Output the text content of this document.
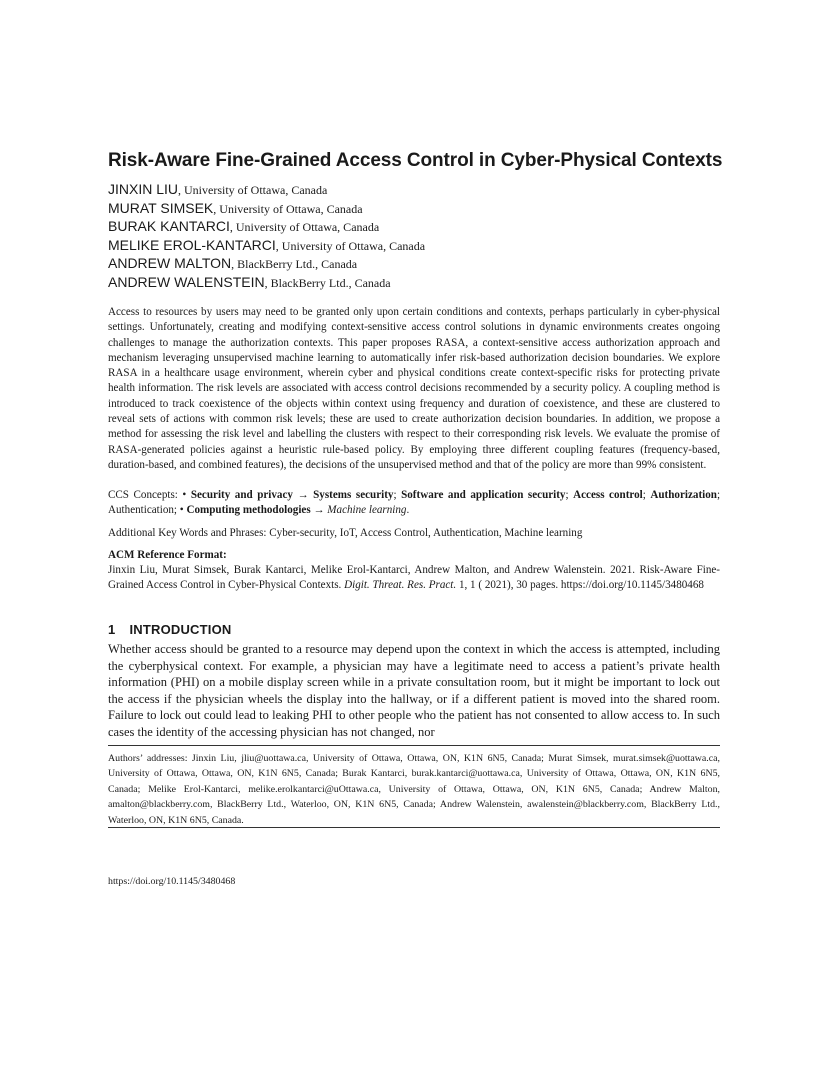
Risk-Aware Fine-Grained Access Control in Cyber-Physical Contexts
JINXIN LIU, University of Ottawa, Canada
MURAT SIMSEK, University of Ottawa, Canada
BURAK KANTARCI, University of Ottawa, Canada
MELIKE EROL-KANTARCI, University of Ottawa, Canada
ANDREW MALTON, BlackBerry Ltd., Canada
ANDREW WALENSTEIN, BlackBerry Ltd., Canada

Access to resources by users may need to be granted only upon certain conditions and contexts, perhaps particularly in cyber-physical settings. Unfortunately, creating and modifying context-sensitive access control solutions in dynamic environments creates ongoing challenges to manage the authorization contexts. This paper proposes RASA, a context-sensitive access authorization approach and mechanism leveraging unsupervised machine learning to automatically infer risk-based authorization decision boundaries. We explore RASA in a healthcare usage environment, wherein cyber and physical conditions create context-specific risks for protecting private health information. The risk levels are associated with access control decisions recommended by a security policy. A coupling method is introduced to track coexistence of the objects within context using frequency and duration of coexistence, and these are clustered to reveal sets of actions with common risk levels; these are used to create authorization decision boundaries. In addition, we propose a method for assessing the risk level and labelling the clusters with respect to their corresponding risk levels. We evaluate the promise of RASA-generated policies against a heuristic rule-based policy. By employing three different coupling features (frequency-based, duration-based, and combined features), the decisions of the unsupervised method and that of the policy are more than 99% consistent.

CCS Concepts: • Security and privacy → Systems security; Software and application security; Access control; Authorization; Authentication; • Computing methodologies → Machine learning.

Additional Key Words and Phrases: Cyber-security, IoT, Access Control, Authentication, Machine learning

ACM Reference Format:

Jinxin Liu, Murat Simsek, Burak Kantarci, Melike Erol-Kantarci, Andrew Malton, and Andrew Walenstein. 2021. Risk-Aware Fine-Grained Access Control in Cyber-Physical Contexts. Digit. Threat. Res. Pract. 1, 1 ( 2021), 30 pages. https://doi.org/10.1145/3480468

1 INTRODUCTION

Whether access should be granted to a resource may depend upon the context in which the access is attempted, including the cyberphysical context. For example, a physician may have a legitimate need to access a patient’s private health information (PHI) on a mobile display screen while in a private consultation room, but it might be important to lock out the access if the physician wheels the display into the hallway, or if a different patient is moved into the shared room. Failure to lock out could lead to leaking PHI to other people who the patient has not consented to allow access to. In such cases the identity of the accessing physician has not changed, nor

Authors’ addresses: Jinxin Liu, jliu@uottawa.ca, University of Ottawa, Ottawa, ON, K1N 6N5, Canada; Murat Simsek, murat.simsek@uottawa.ca, University of Ottawa, Ottawa, ON, K1N 6N5, Canada; Burak Kantarci, burak.kantarci@uottawa.ca, University of Ottawa, Ottawa, ON, K1N 6N5, Canada; Melike Erol-Kantarci, melike.erolkantarci@uOttawa.ca, University of Ottawa, Ottawa, ON, K1N 6N5, Canada; Andrew Malton, amalton@blackberry.com, BlackBerry Ltd., Waterloo, ON, K1N 6N5, Canada; Andrew Walenstein, awalenstein@blackberry.com, BlackBerry Ltd., Waterloo, ON, K1N 6N5, Canada.

https://doi.org/10.1145/3480468
